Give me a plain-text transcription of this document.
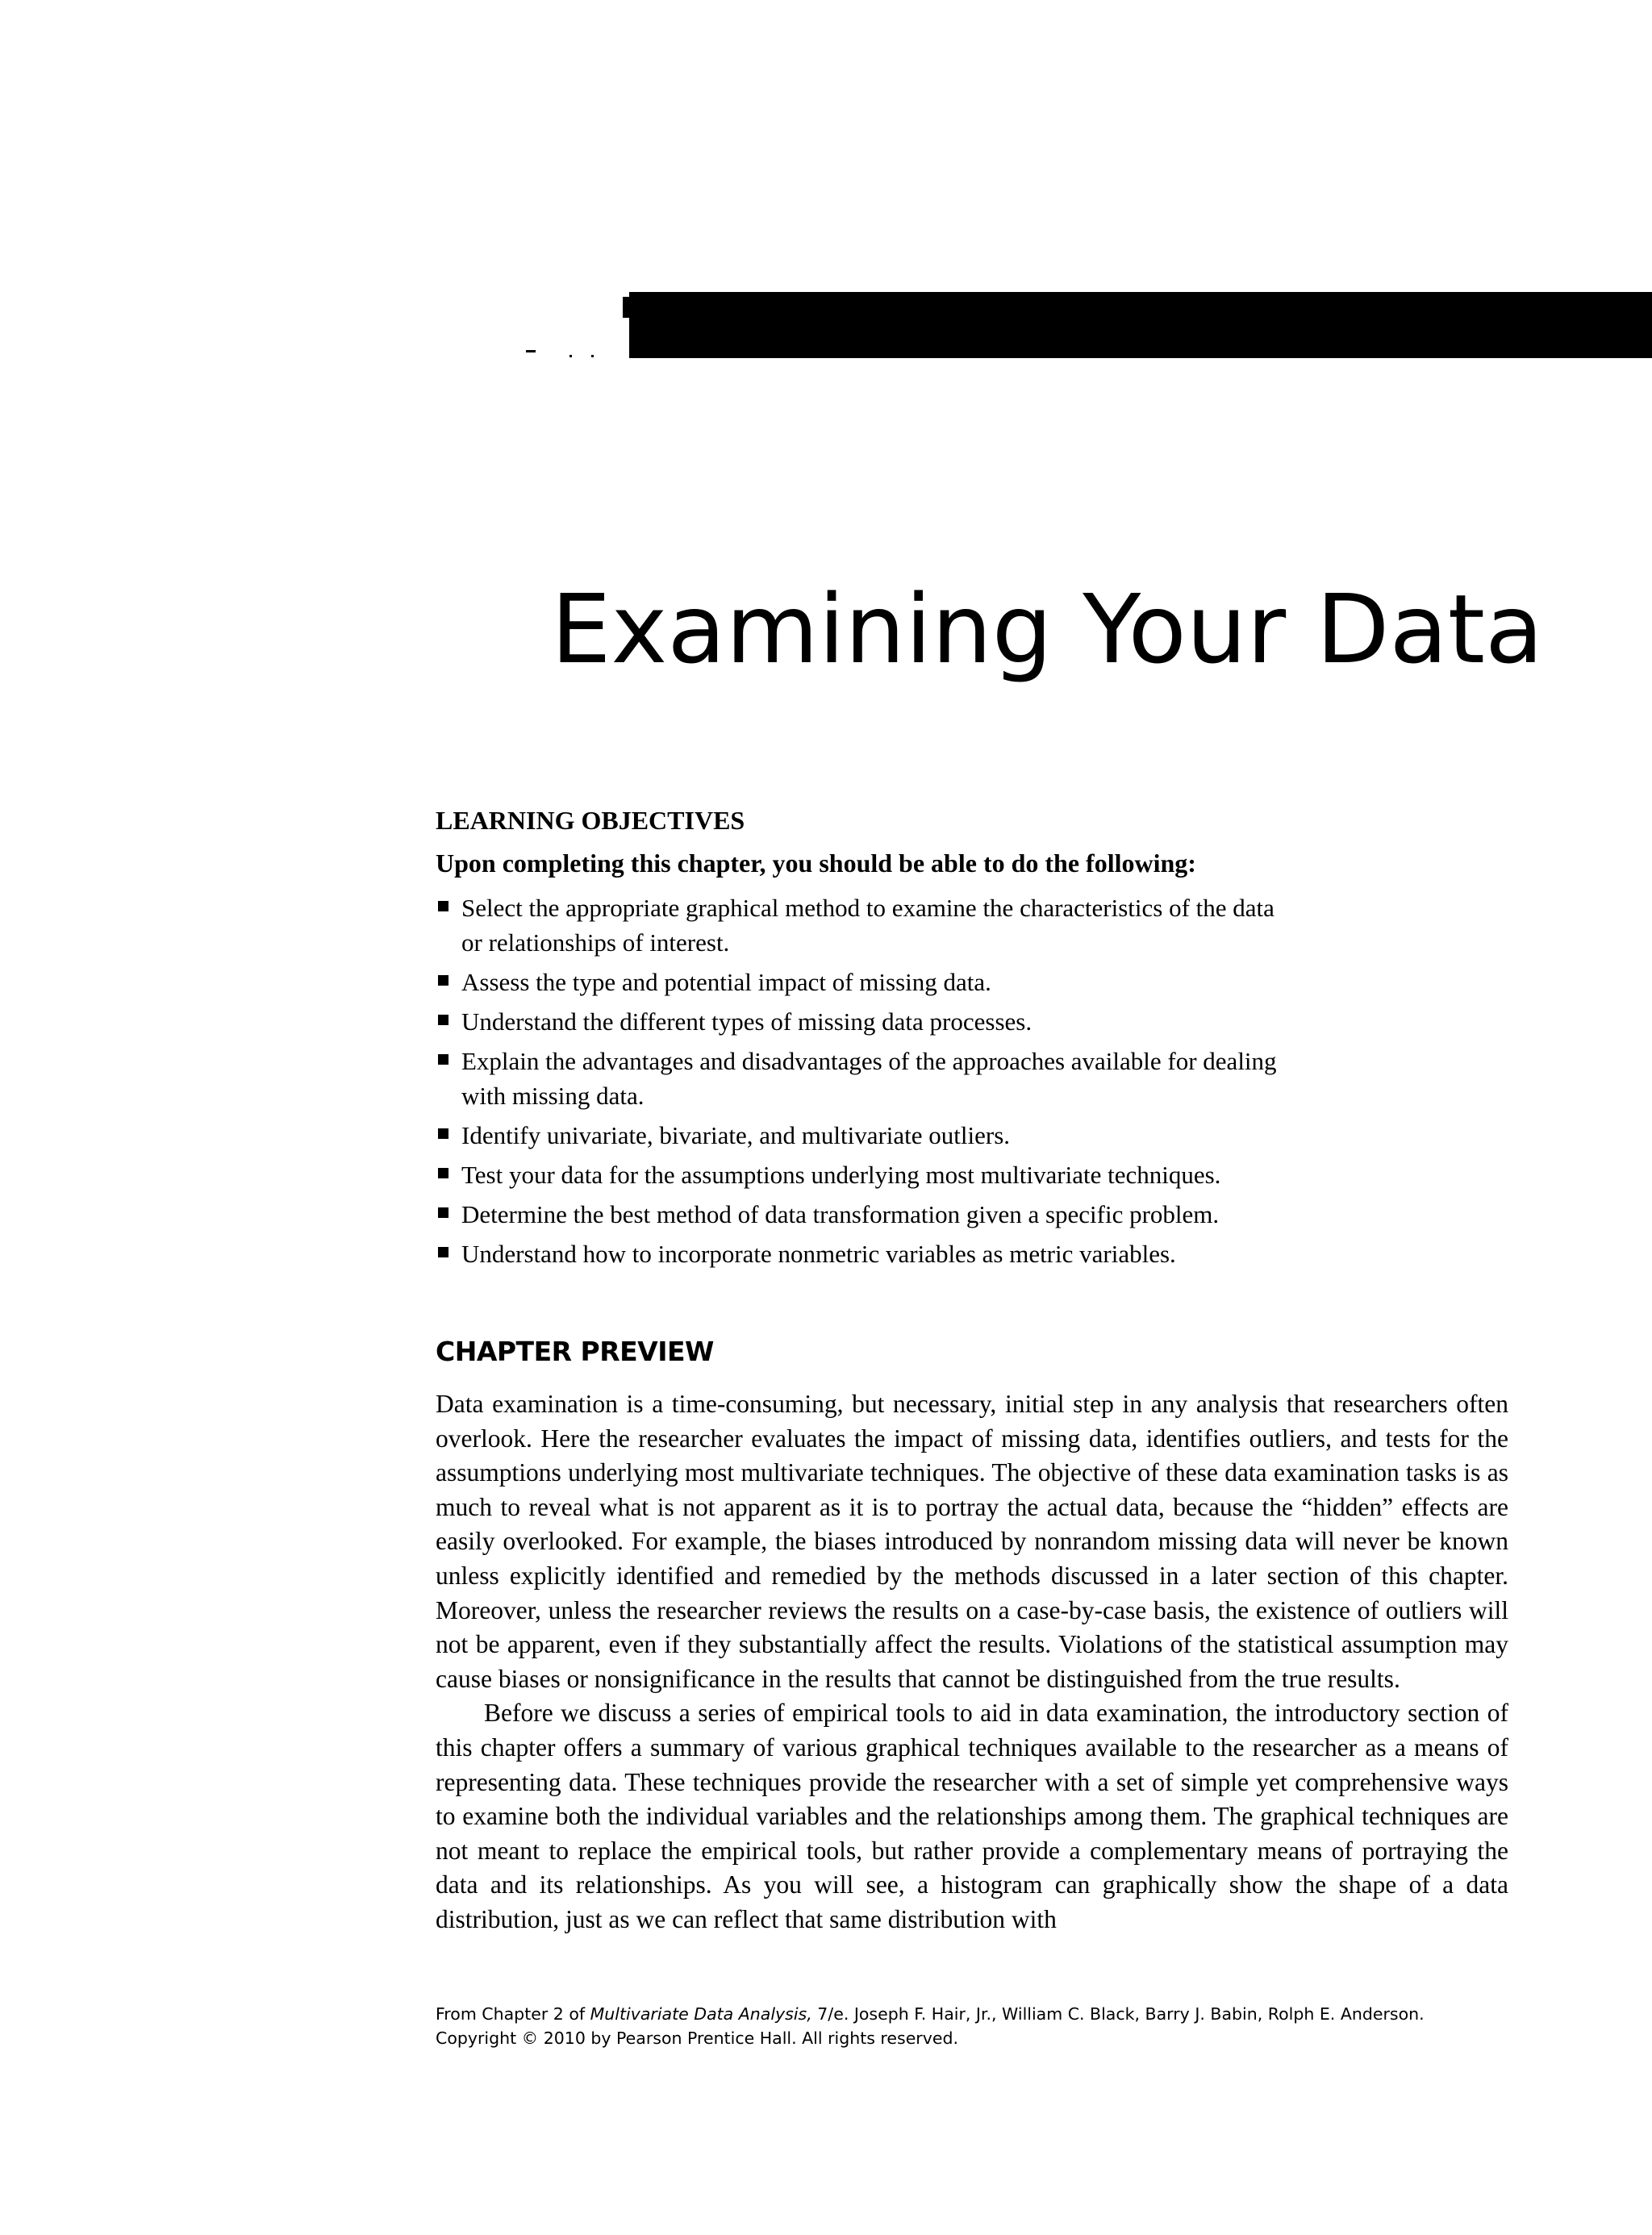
Examining Your Data
LEARNING OBJECTIVES

Upon completing this chapter, you should be able to do the following:

Select the appropriate graphical method to examine the characteristics of the data
or relationships of interest.
Assess the type and potential impact of missing data.
Understand the different types of missing data processes.
Explain the advantages and disadvantages of the approaches available for dealing
with missing data.
Identify univariate, bivariate, and multivariate outliers.
Test your data for the assumptions underlying most multivariate techniques.
Determine the best method of data transformation given a specific problem.
Understand how to incorporate nonmetric variables as metric variables.
CHAPTER PREVIEW

Data examination is a time-consuming, but necessary, initial step in any analysis that researchers often overlook. Here the researcher evaluates the impact of missing data, identifies outliers, and tests for the assumptions underlying most multivariate techniques. The objective of these data examination tasks is as much to reveal what is not apparent as it is to portray the actual data, because the “hidden” effects are easily overlooked. For example, the biases introduced by nonrandom missing data will never be known unless explicitly identified and remedied by the methods discussed in a later section of this chapter. Moreover, unless the researcher reviews the results on a case-by-case basis, the existence of outliers will not be apparent, even if they substantially affect the results. Violations of the statistical assumption may cause biases or nonsignificance in the results that cannot be distinguished from the true results.

Before we discuss a series of empirical tools to aid in data examination, the introductory section of this chapter offers a summary of various graphical techniques available to the researcher as a means of representing data. These techniques provide the researcher with a set of simple yet comprehensive ways to examine both the individual variables and the relationships among them. The graphical techniques are not meant to replace the empirical tools, but rather provide a complementary means of portraying the data and its relationships. As you will see, a histogram can graphically show the shape of a data distribution, just as we can reflect that same distribution with

From Chapter 2 of Multivariate Data Analysis, 7/e. Joseph F. Hair, Jr., William C. Black, Barry J. Babin, Rolph E. Anderson.
Copyright © 2010 by Pearson Prentice Hall. All rights reserved.
